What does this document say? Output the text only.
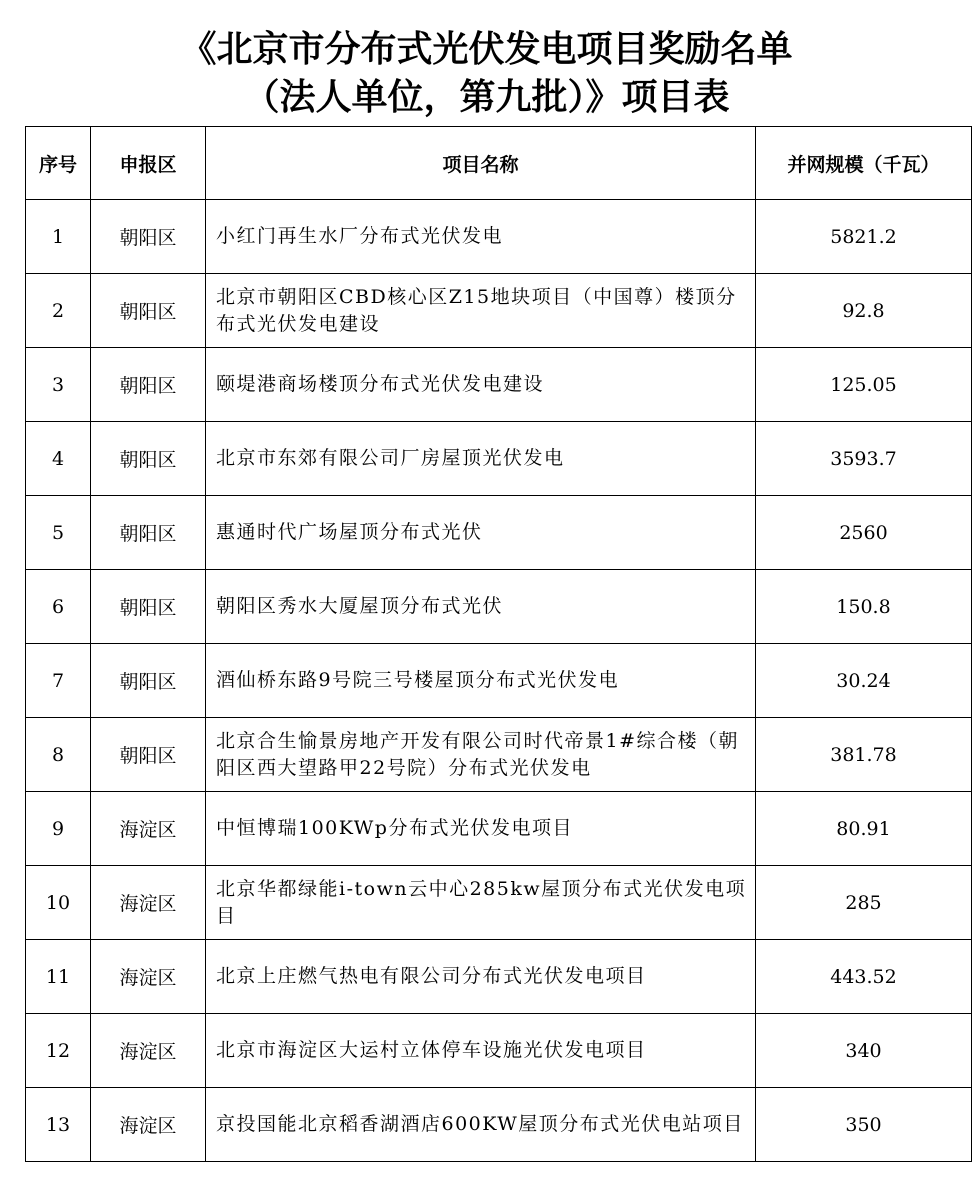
《北京市分布式光伏发电项目奖励名单
（法人单位，第九批）》项目表
序号	申报区	项目名称	并网规模（千瓦）
1	朝阳区	小红门再生水厂分布式光伏发电	5821.2
2	朝阳区	北京市朝阳区CBD核心区Z15地块项目（中国尊）楼顶分布式光伏发电建设	92.8
3	朝阳区	颐堤港商场楼顶分布式光伏发电建设	125.05
4	朝阳区	北京市东郊有限公司厂房屋顶光伏发电	3593.7
5	朝阳区	惠通时代广场屋顶分布式光伏	2560
6	朝阳区	朝阳区秀水大厦屋顶分布式光伏	150.8
7	朝阳区	酒仙桥东路9号院三号楼屋顶分布式光伏发电	30.24
8	朝阳区	北京合生愉景房地产开发有限公司时代帝景1#综合楼（朝阳区西大望路甲22号院）分布式光伏发电	381.78
9	海淀区	中恒博瑞100KWp分布式光伏发电项目	80.91
10	海淀区	北京华都绿能i-town云中心285kw屋顶分布式光伏发电项目	285
11	海淀区	北京上庄燃气热电有限公司分布式光伏发电项目	443.52
12	海淀区	北京市海淀区大运村立体停车设施光伏发电项目	340
13	海淀区	京投国能北京稻香湖酒店600KW屋顶分布式光伏电站项目	350
